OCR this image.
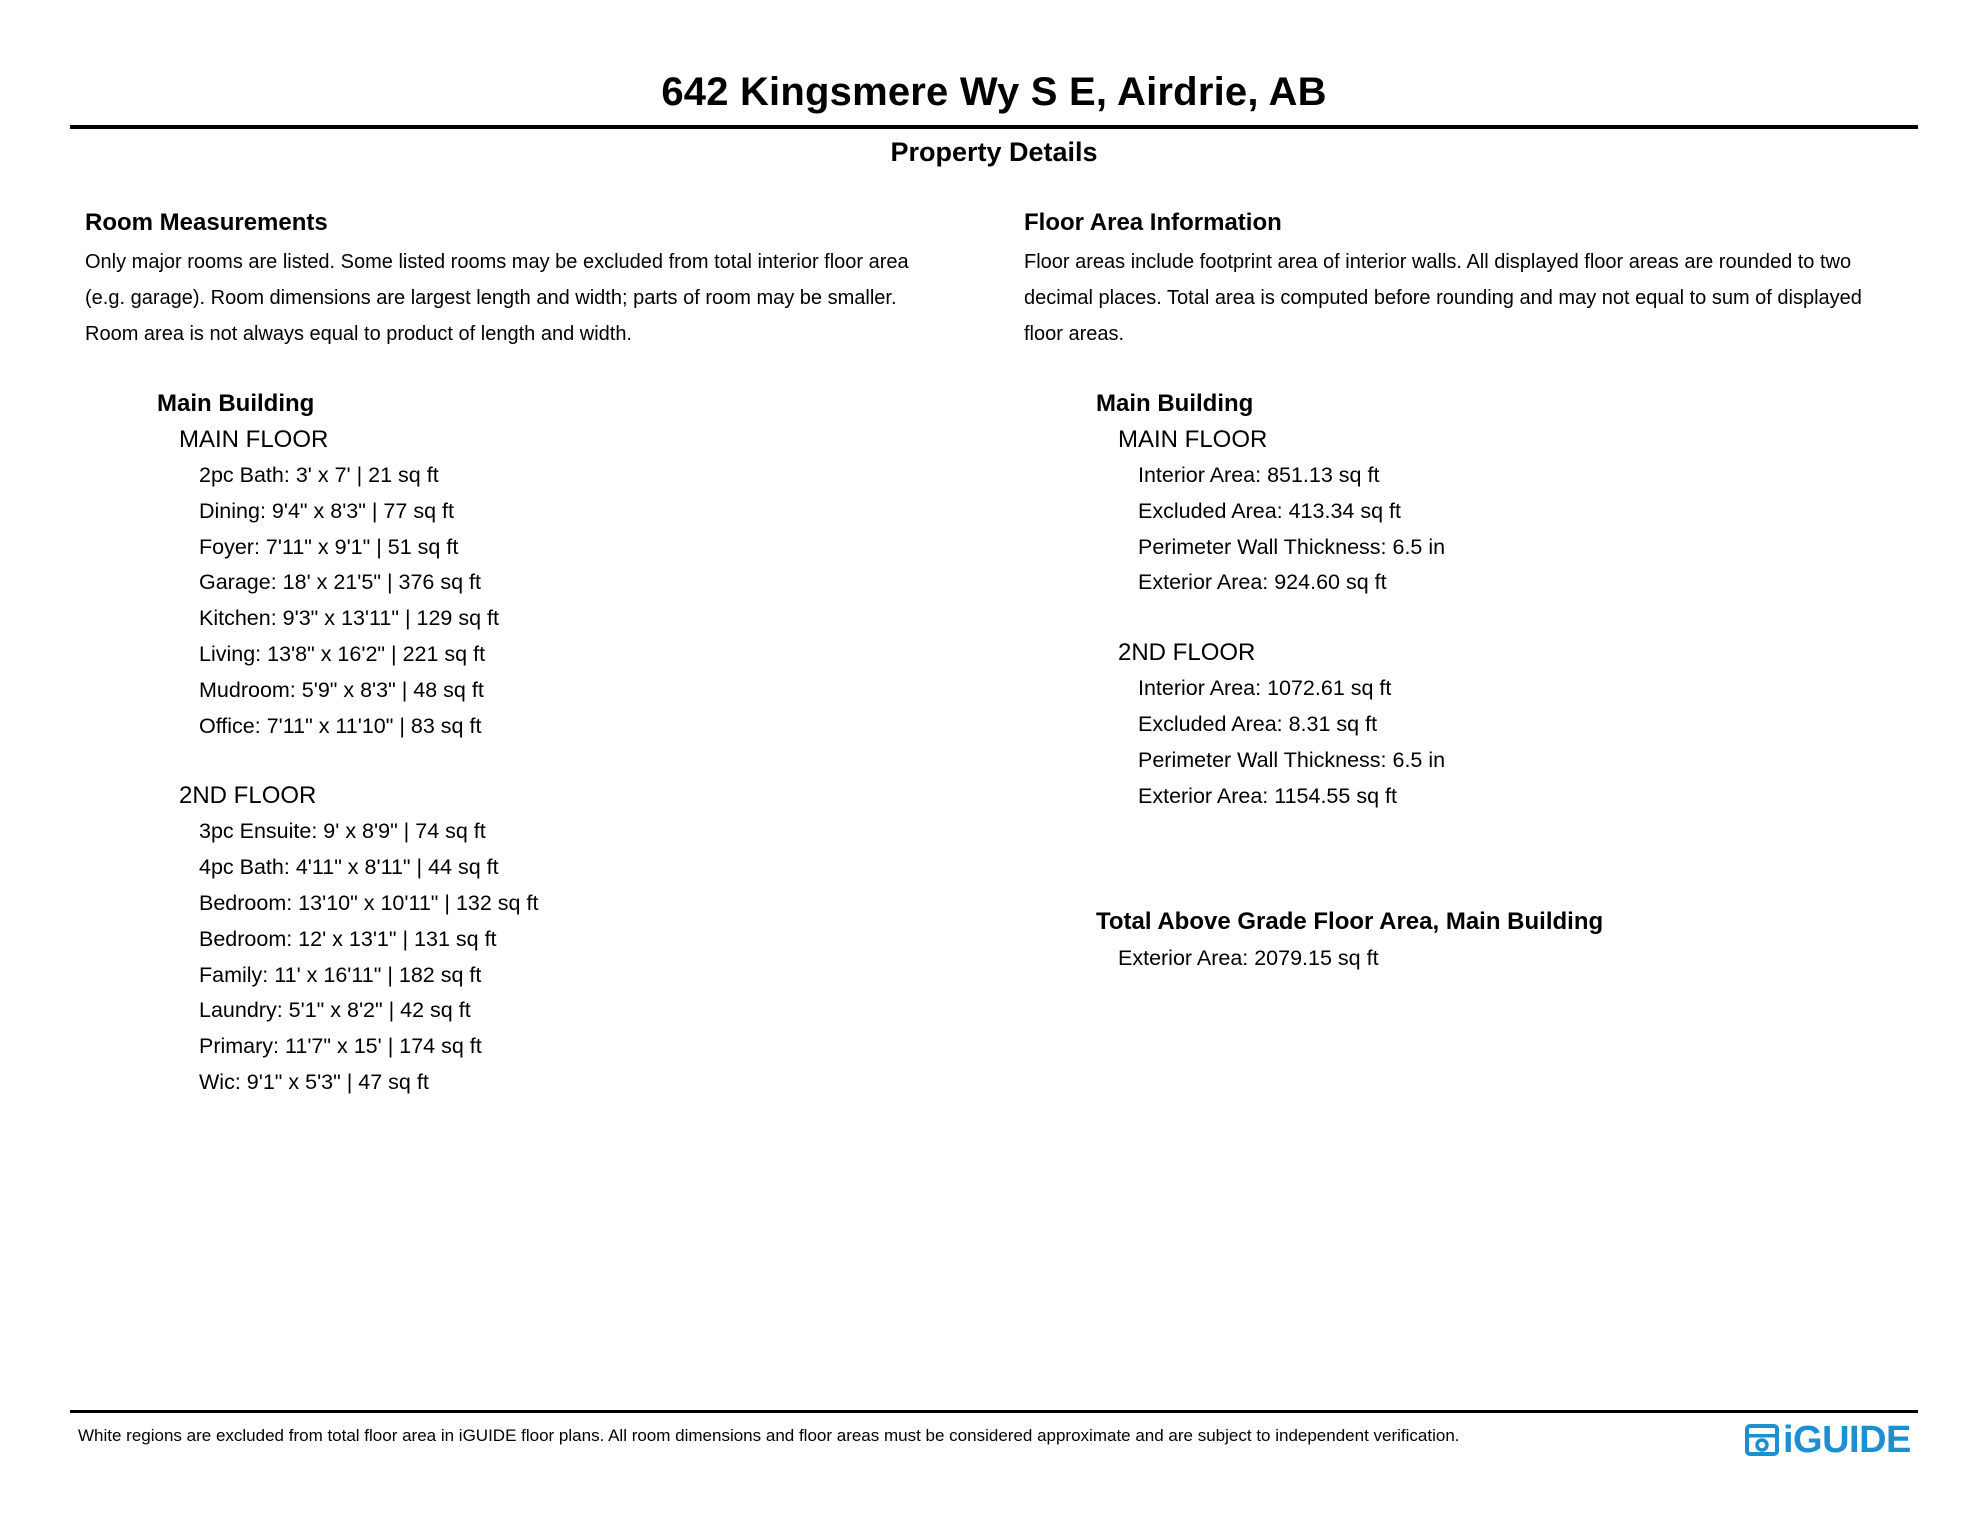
642 Kingsmere Wy S E, Airdrie, AB
Property Details
Room Measurements
Only major rooms are listed. Some listed rooms may be excluded from total interior floor area
(e.g. garage). Room dimensions are largest length and width; parts of room may be smaller.
Room area is not always equal to product of length and width.
Main Building
MAIN FLOOR
2pc Bath: 3' x 7' | 21 sq ft
Dining: 9'4" x 8'3" | 77 sq ft
Foyer: 7'11" x 9'1" | 51 sq ft
Garage: 18' x 21'5" | 376 sq ft
Kitchen: 9'3" x 13'11" | 129 sq ft
Living: 13'8" x 16'2" | 221 sq ft
Mudroom: 5'9" x 8'3" | 48 sq ft
Office: 7'11" x 11'10" | 83 sq ft
2ND FLOOR
3pc Ensuite: 9' x 8'9" | 74 sq ft
4pc Bath: 4'11" x 8'11" | 44 sq ft
Bedroom: 13'10" x 10'11" | 132 sq ft
Bedroom: 12' x 13'1" | 131 sq ft
Family: 11' x 16'11" | 182 sq ft
Laundry: 5'1" x 8'2" | 42 sq ft
Primary: 11'7" x 15' | 174 sq ft
Wic: 9'1" x 5'3" | 47 sq ft
Floor Area Information
Floor areas include footprint area of interior walls. All displayed floor areas are rounded to two
decimal places. Total area is computed before rounding and may not equal to sum of displayed
floor areas.
Main Building
MAIN FLOOR
Interior Area: 851.13 sq ft
Excluded Area: 413.34 sq ft
Perimeter Wall Thickness: 6.5 in
Exterior Area: 924.60 sq ft
2ND FLOOR
Interior Area: 1072.61 sq ft
Excluded Area: 8.31 sq ft
Perimeter Wall Thickness: 6.5 in
Exterior Area: 1154.55 sq ft
Total Above Grade Floor Area, Main Building
Exterior Area: 2079.15 sq ft
White regions are excluded from total floor area in iGUIDE floor plans. All room dimensions and floor areas must be considered approximate and are subject to independent verification.	iGUIDE
